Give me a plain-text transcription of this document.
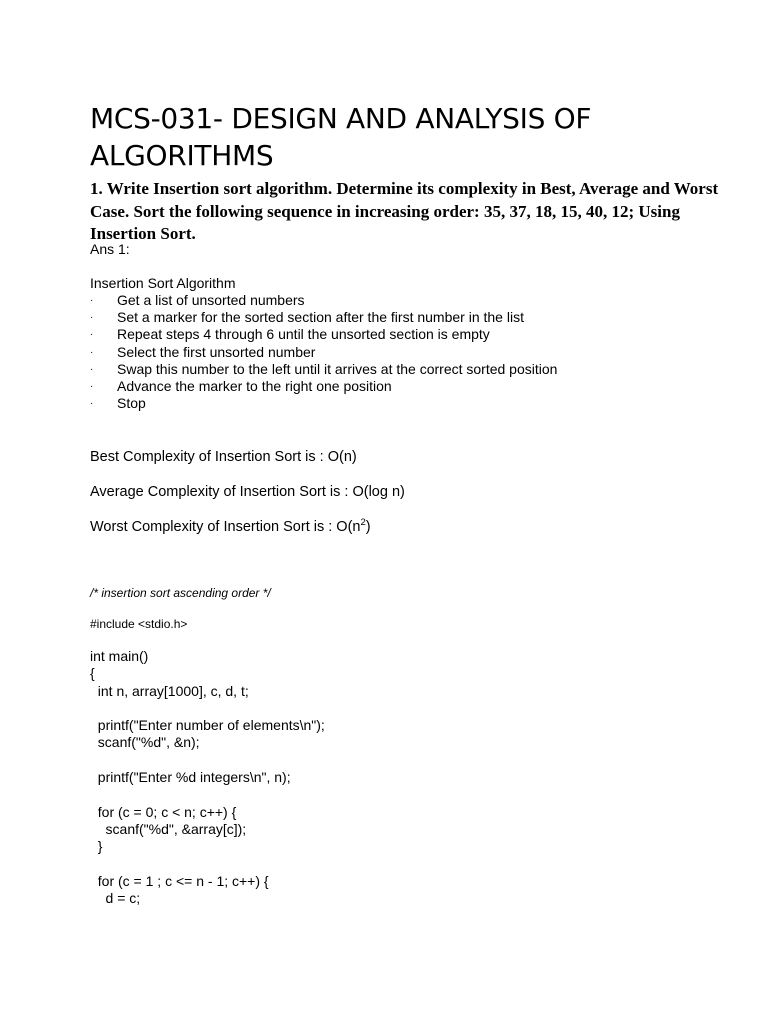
MCS-031- DESIGN AND ANALYSIS OF ALGORITHMS

1. Write Insertion sort algorithm. Determine its complexity in Best, Average and Worst Case. Sort the following sequence in increasing order: 35, 37, 18, 15, 40, 12; Using Insertion Sort.

Ans 1:

Insertion Sort Algorithm

· Get a list of unsorted numbers
· Set a marker for the sorted section after the first number in the list
· Repeat steps 4 through 6 until the unsorted section is empty
· Select the first unsorted number
· Swap this number to the left until it arrives at the correct sorted position
· Advance the marker to the right one position
· Stop

Best Complexity of Insertion Sort is : O(n)

Average Complexity of Insertion Sort is : O(log n)

Worst Complexity of Insertion Sort is : $O(n^2)$

/* insertion sort ascending order */

#include <stdio.h>

int main()
{
int n, array[1000], c, d, t;
printf("Enter number of elements\n");
scanf("%d", &n);
printf("Enter %d integers\n", n);
for (c = 0; c < n; c++) {
scanf("%d", &array[c]);
}
for (c = 1 ; c <= n - 1; c++) {
d = c;
